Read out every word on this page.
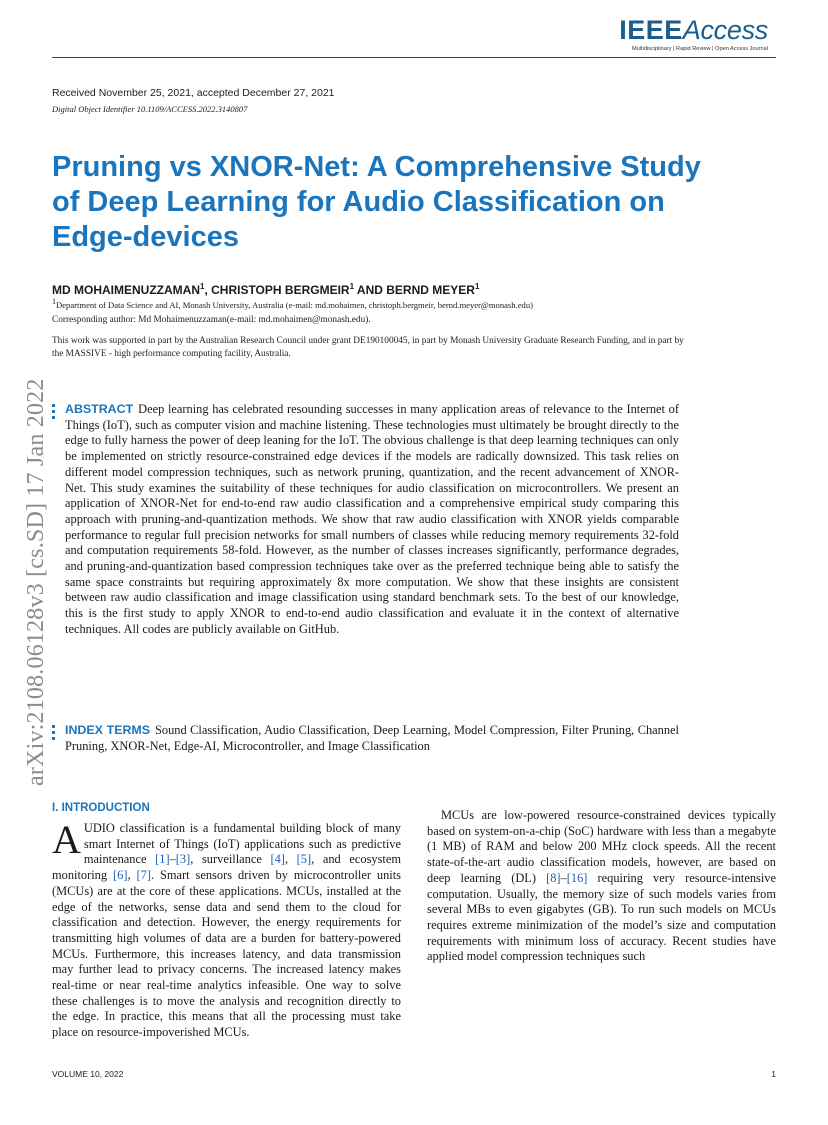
IEEEAccess
Multidisciplinary | Rapid Review | Open Access Journal
Received November 25, 2021, accepted December 27, 2021
Digital Object Identifier 10.1109/ACCESS.2022.3140807
Pruning vs XNOR-Net: A Comprehensive Study of Deep Learning for Audio Classification on Edge-devices
MD MOHAIMENUZZAMAN$^1$, CHRISTOPH BERGMEIR$^1$ AND BERND MEYER$^1$
$^1$Department of Data Science and AI, Monash University, Australia (e-mail: md.mohaimen, christoph.bergmeir, bernd.meyer@monash.edu)
Corresponding author: Md Mohaimenuzzaman(e-mail: md.mohaimen@monash.edu).
This work was supported in part by the Australian Research Council under grant DE190100045, in part by Monash University Graduate Research Funding, and in part by the MASSIVE - high performance computing facility, Australia.
arXiv:2108.06128v3 [cs.SD] 17 Jan 2022 ABSTRACT Deep learning has celebrated resounding successes in many application areas of relevance to the Internet of Things (IoT), such as computer vision and machine listening. These technologies must ultimately be brought directly to the edge to fully harness the power of deep leaning for the IoT. The obvious challenge is that deep learning techniques can only be implemented on strictly resource-constrained edge devices if the models are radically downsized. This task relies on different model compression techniques, such as network pruning, quantization, and the recent advancement of XNOR-Net. This study examines the suitability of these techniques for audio classification on microcontrollers. We present an application of XNOR-Net for end-to-end raw audio classification and a comprehensive empirical study comparing this approach with pruning-and-quantization methods. We show that raw audio classification with XNOR yields comparable performance to regular full precision networks for small numbers of classes while reducing memory requirements 32-fold and computation requirements 58-fold. However, as the number of classes increases significantly, performance degrades, and pruning-and-quantization based compression techniques take over as the preferred technique being able to satisfy the same space constraints but requiring approximately 8x more computation. We show that these insights are consistent between raw audio classification and image classification using standard benchmark sets. To the best of our knowledge, this is the first study to apply XNOR to end-to-end audio classification and evaluate it in the context of alternative techniques. All codes are publicly available on GitHub.
INDEX TERMS Sound Classification, Audio Classification, Deep Learning, Model Compression, Filter Pruning, Channel Pruning, XNOR-Net, Edge-AI, Microcontroller, and Image Classification
I. INTRODUCTION

AUDIO classification is a fundamental building block of many smart Internet of Things (IoT) applications such as predictive maintenance [1]–[3], surveillance [4], [5], and ecosystem monitoring [6], [7]. Smart sensors driven by microcontroller units (MCUs) are at the core of these applications. MCUs, installed at the edge of the networks, sense data and send them to the cloud for classification and detection. However, the energy requirements for transmitting high volumes of data are a burden for battery-powered MCUs. Furthermore, this increases latency, and data transmission may further lead to privacy concerns. The increased latency makes real-time or near real-time analytics infeasible. One way to solve these challenges is to move the analysis and recognition directly to the edge. In practice, this means that all the processing must take place on resource-impoverished MCUs.

MCUs are low-powered resource-constrained devices typically based on system-on-a-chip (SoC) hardware with less than a megabyte (1 MB) of RAM and below 200 MHz clock speeds. All the recent state-of-the-art audio classification models, however, are based on deep learning (DL) [8]–[16] requiring very resource-intensive computation. Usually, the memory size of such models varies from several MBs to even gigabytes (GB). To run such models on MCUs requires extreme minimization of the model’s size and computation requirements with minimum loss of accuracy. Recent studies have applied model compression techniques such

VOLUME 10, 2022	1
